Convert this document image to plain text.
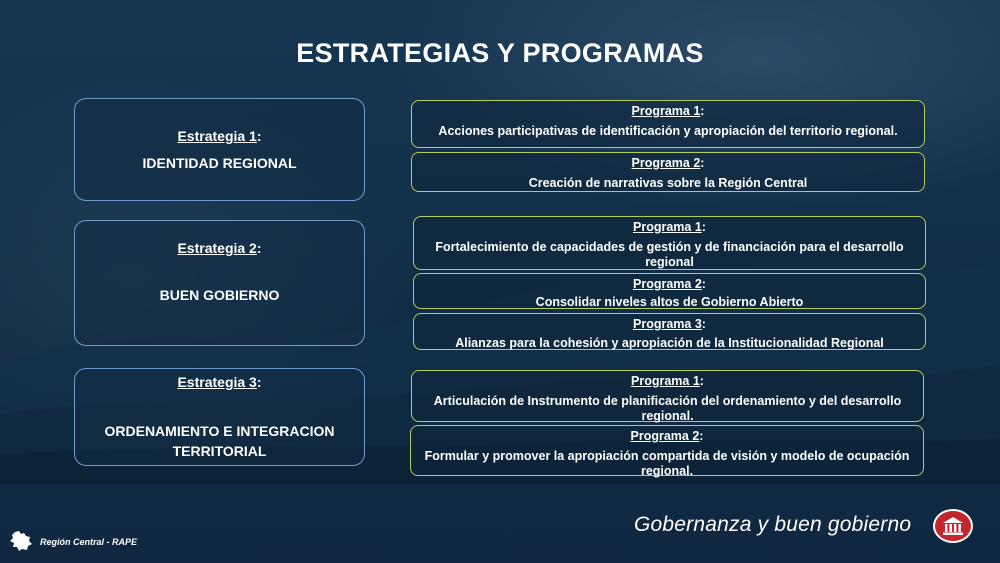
ESTRATEGIAS Y PROGRAMAS
Estrategia 1:
IDENTIDAD REGIONAL
Programa 1:
Acciones participativas de identificación y apropiación del territorio regional.
Programa 2:
Creación de narrativas sobre la Región Central
Estrategia 2:
BUEN GOBIERNO
Programa 1:
Fortalecimiento de capacidades de gestión y de financiación para el desarrollo regional
Programa 2:
Consolidar niveles altos de Gobierno Abierto
Programa 3:
Alianzas para la cohesión y apropiación de la Institucionalidad Regional
Estrategia 3:
ORDENAMIENTO E INTEGRACION TERRITORIAL
Programa 1:
Articulación de Instrumento de planificación del ordenamiento y del desarrollo regional.
Programa 2:
Formular y promover la apropiación compartida de visión y modelo de ocupación regional.
Región Central - RAPE
Gobernanza y buen gobierno
